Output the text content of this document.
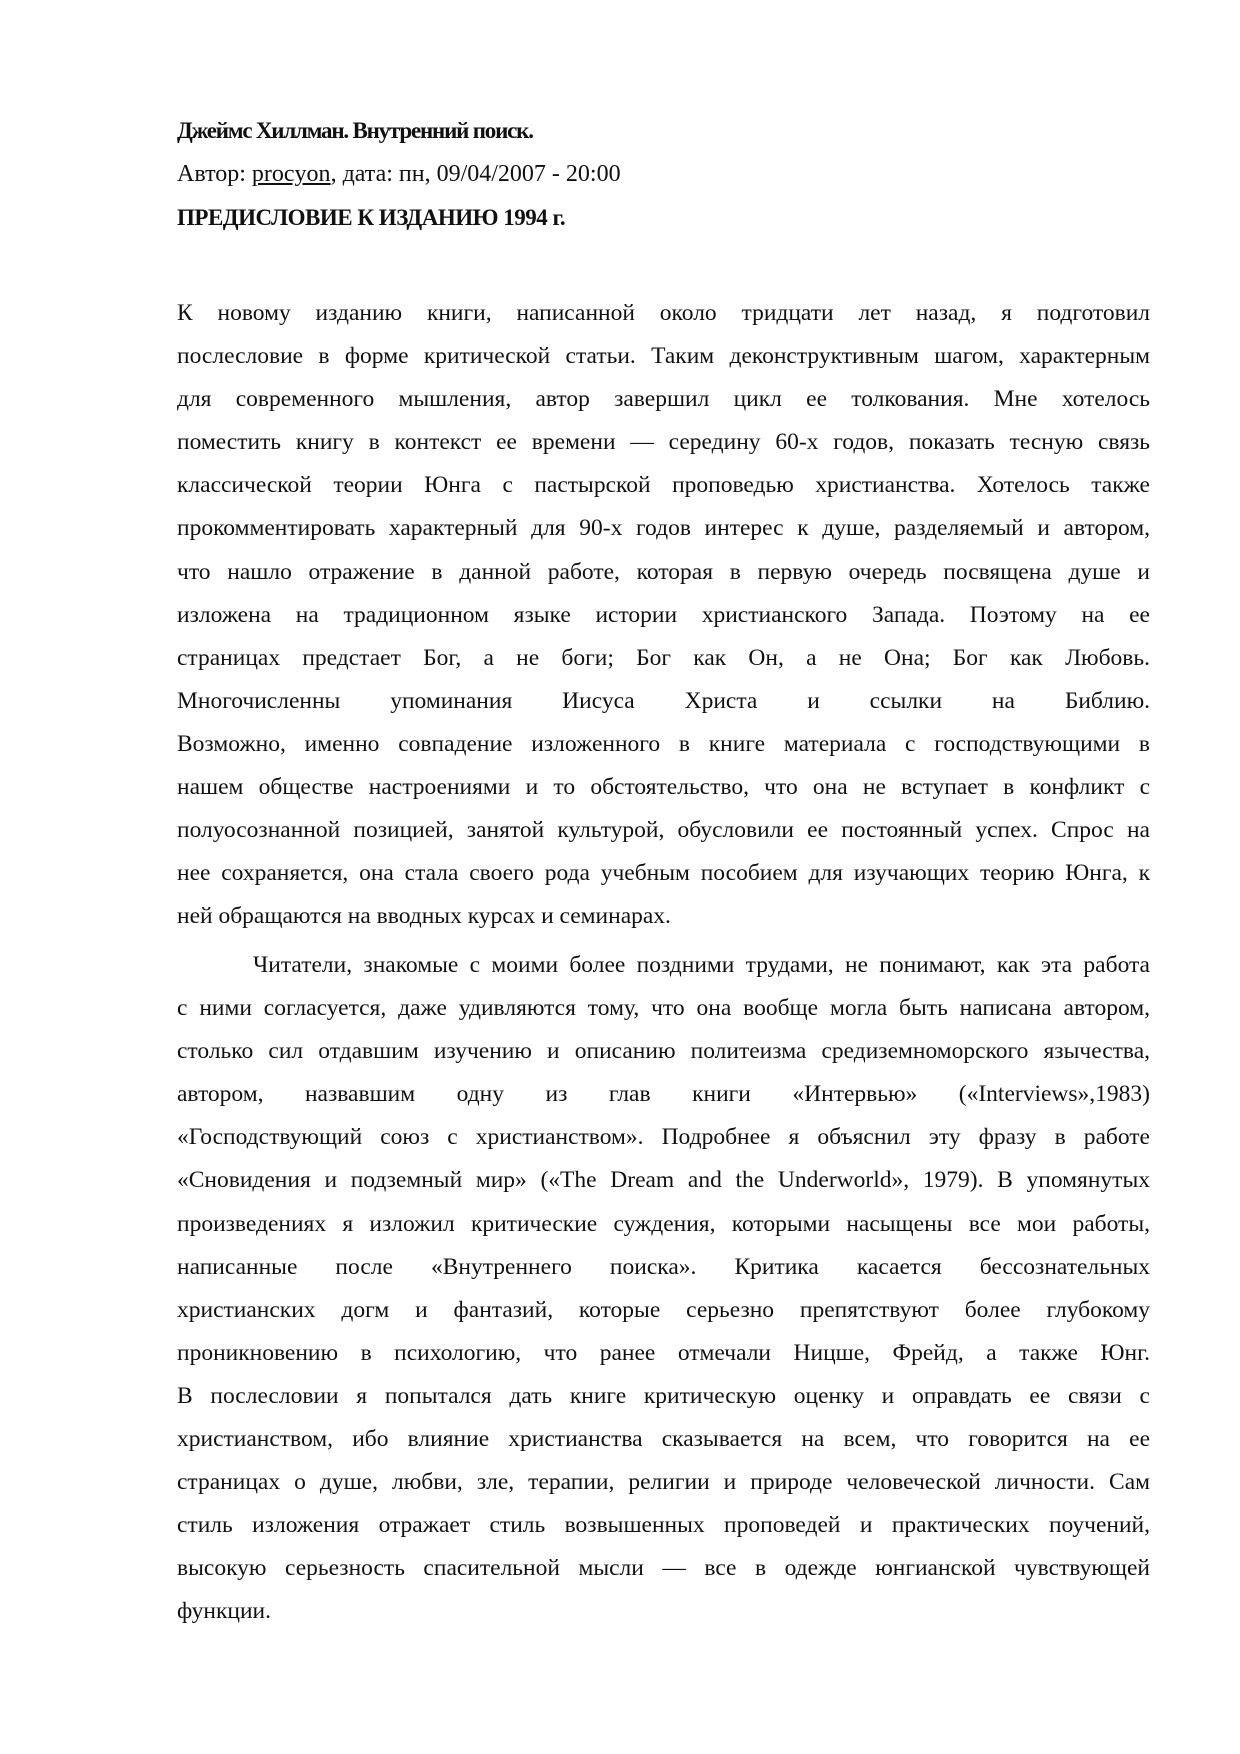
Джеймс Хиллман. Внутренний поиск.
Автор: procyon, дата: пн, 09/04/2007 - 20:00
ПРЕДИСЛОВИЕ К ИЗДАНИЮ 1994 г.
К новому изданию книги, написанной около тридцати лет назад, я подготовил
послесловие в форме критической статьи. Таким деконструктивным шагом, характерным
для современного мышления, автор завершил цикл ее толкования. Мне хотелось
поместить книгу в контекст ее времени — середину 60-х годов, показать тесную связь
классической теории Юнга с пастырской проповедью христианства. Хотелось также
прокомментировать характерный для 90-х годов интерес к душе, разделяемый и автором,
что нашло отражение в данной работе, которая в первую очередь посвящена душе и
изложена на традиционном языке истории христианского Запада. Поэтому на ее
страницах предстает Бог, а не боги; Бог как Он, а не Она; Бог как Любовь.
Многочисленны упоминания Иисуса Христа и ссылки на Библию.
Возможно, именно совпадение изложенного в книге материала с господствующими в
нашем обществе настроениями и то обстоятельство, что она не вступает в конфликт с
полуосознанной позицией, занятой культурой, обусловили ее постоянный успех. Спрос на
нее сохраняется, она стала своего рода учебным пособием для изучающих теорию Юнга, к
ней обращаются на вводных курсах и семинарах.
Читатели, знакомые с моими более поздними трудами, не понимают, как эта работа
с ними согласуется, даже удивляются тому, что она вообще могла быть написана автором,
столько сил отдавшим изучению и описанию политеизма средиземноморского язычества,
автором, назвавшим одну из глав книги «Интервью» («Interviews»,1983)
«Господствующий союз с христианством». Подробнее я объяснил эту фразу в работе
«Сновидения и подземный мир» («The Dream and the Underworld», 1979). В упомянутых
произведениях я изложил критические суждения, которыми насыщены все мои работы,
написанные после «Внутреннего поиска». Критика касается бессознательных
христианских догм и фантазий, которые серьезно препятствуют более глубокому
проникновению в психологию, что ранее отмечали Ницше, Фрейд, а также Юнг.
В послесловии я попытался дать книге критическую оценку и оправдать ее связи с
христианством, ибо влияние христианства сказывается на всем, что говорится на ее
страницах о душе, любви, зле, терапии, религии и природе человеческой личности. Сам
стиль изложения отражает стиль возвышенных проповедей и практических поучений,
высокую серьезность спасительной мысли — все в одежде юнгианской чувствующей
функции.
